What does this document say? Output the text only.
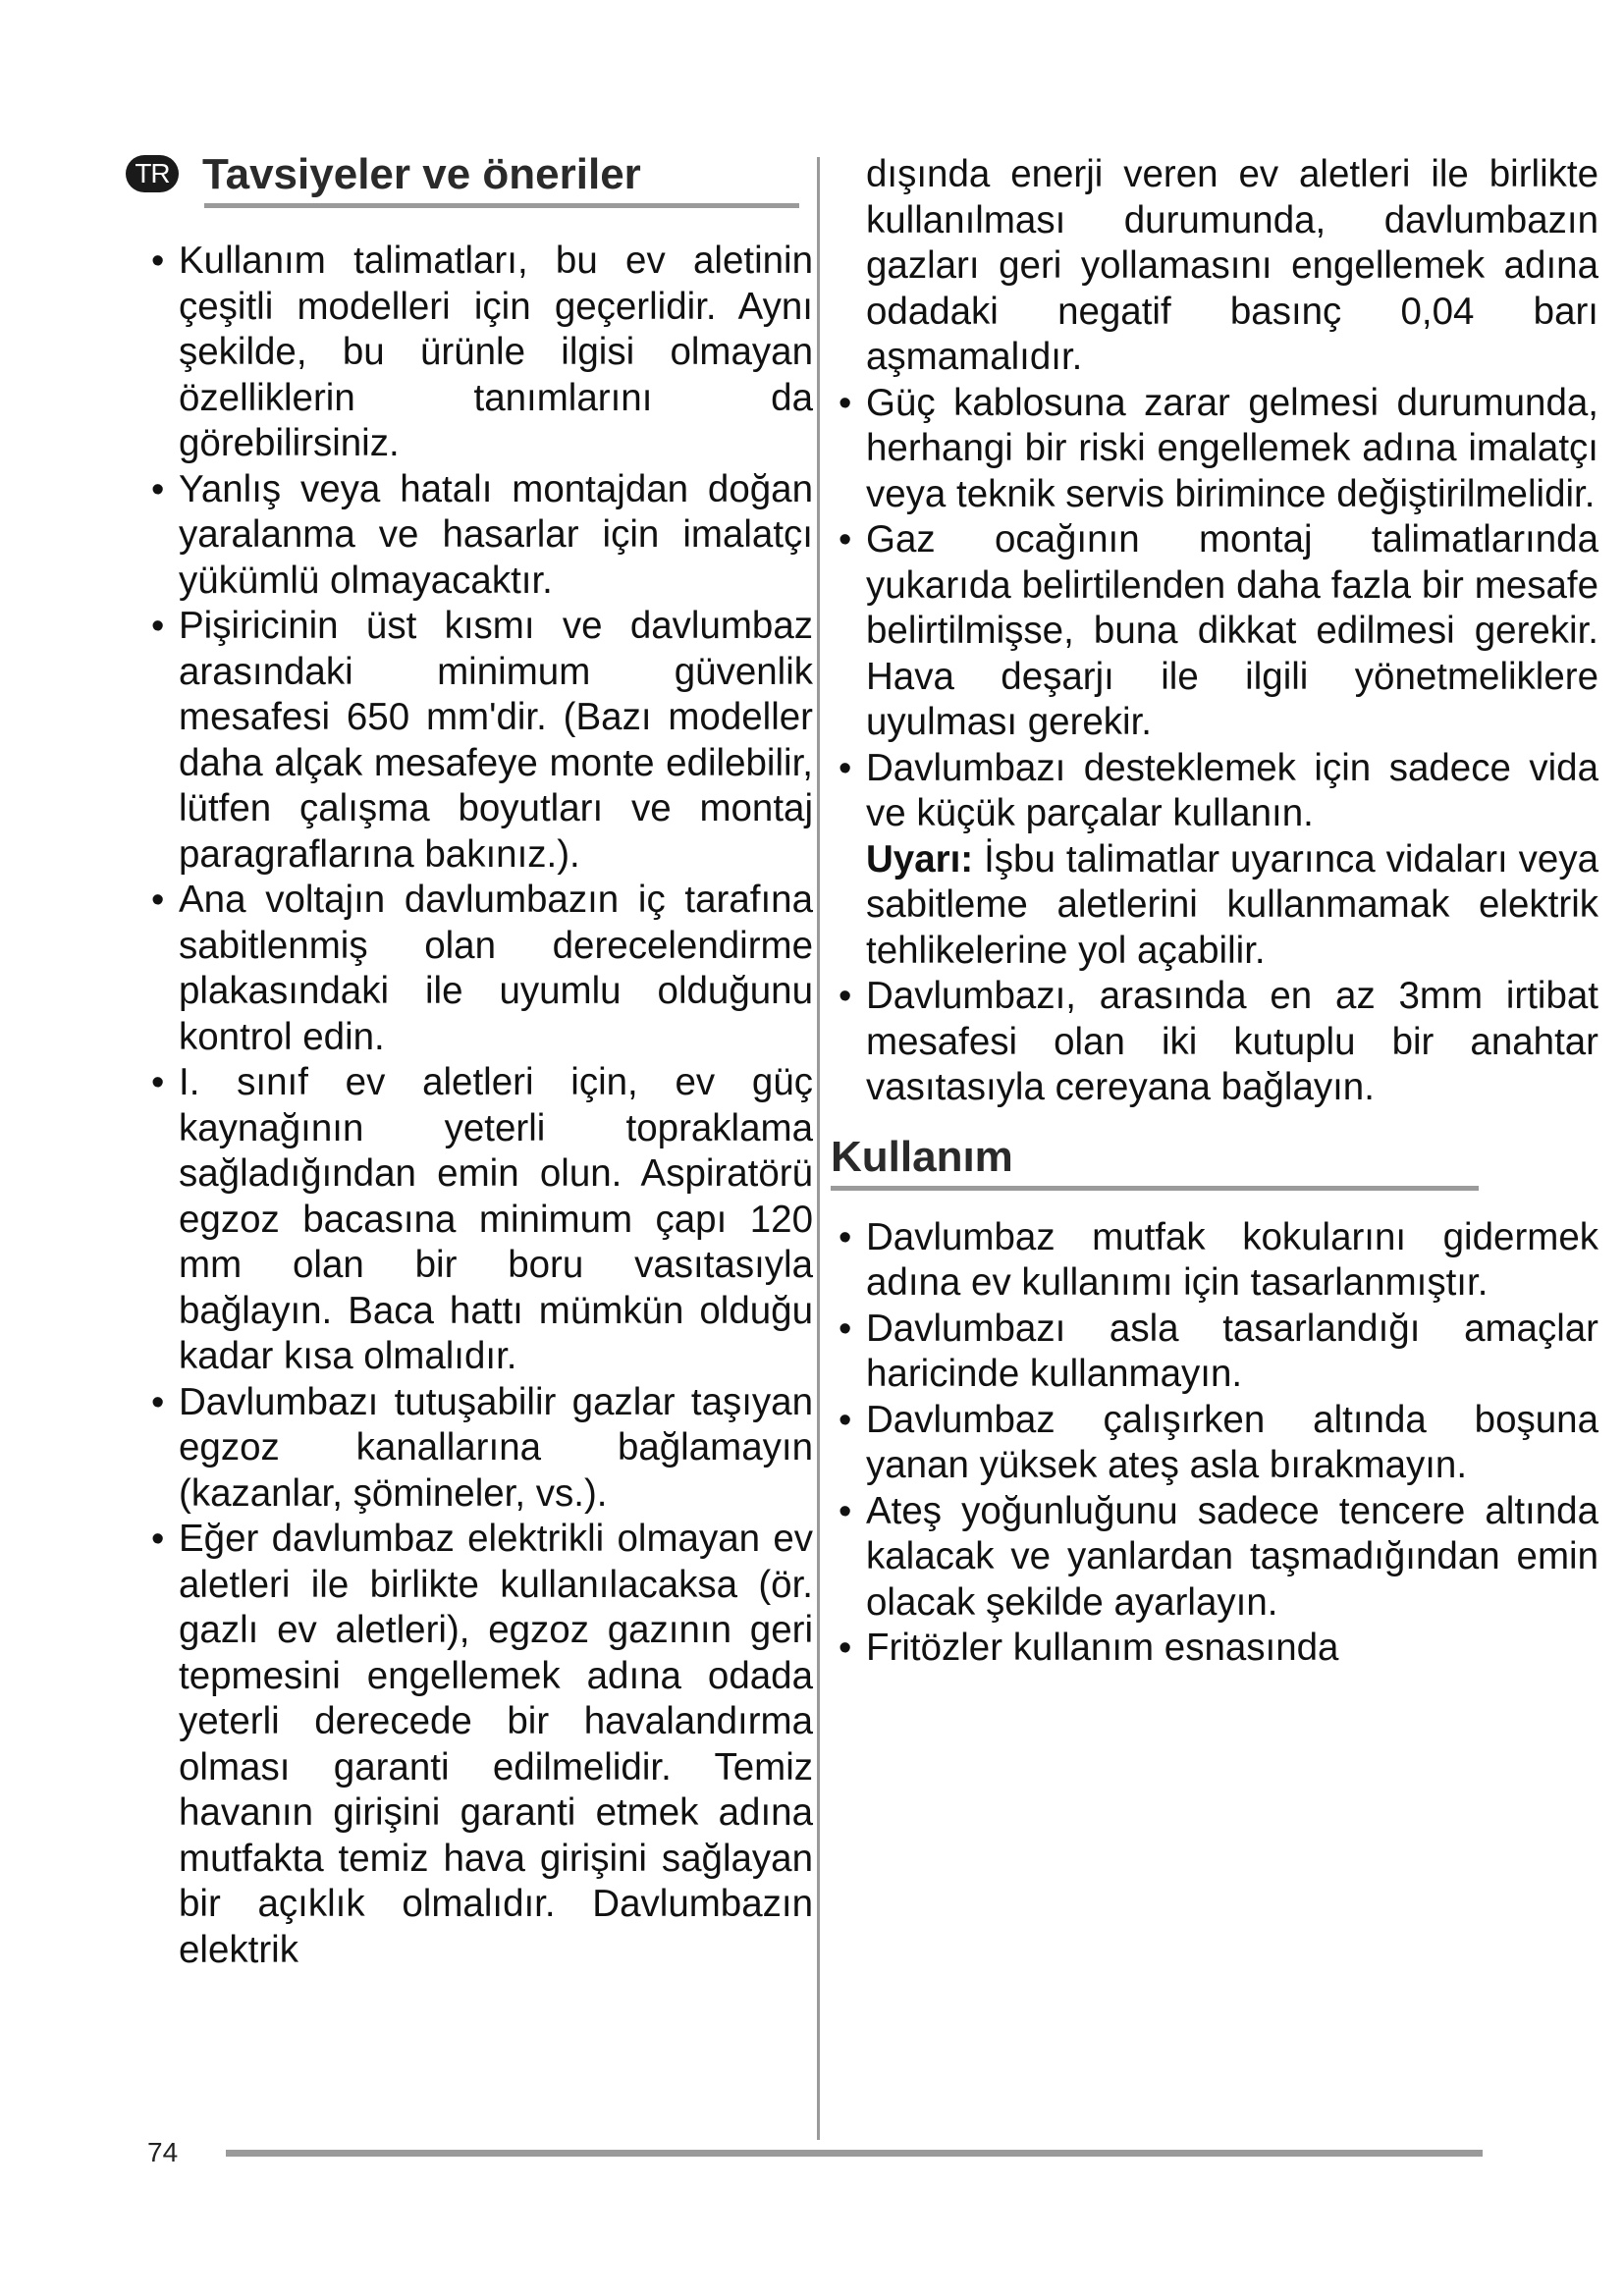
TR Tavsiyeler ve öneriler
• Kullanım talimatları, bu ev aletinin çeşitli modelleri için geçerlidir. Aynı şekilde, bu ürünle ilgisi olmayan özelliklerin tanımlarını da görebilirsiniz.
• Yanlış veya hatalı montajdan doğan yaralanma ve hasarlar için imalatçı yükümlü olmayacaktır.
• Pişiricinin üst kısmı ve davlumbaz arasındaki minimum güvenlik mesafesi 650 mm'dir. (Bazı modeller daha alçak mesafeye monte edilebilir, lütfen çalışma boyutları ve montaj paragraflarına bakınız.).
• Ana voltajın davlumbazın iç tarafına sabitlenmiş olan derecelendirme plakasındaki ile uyumlu olduğunu kontrol edin.
• I. sınıf ev aletleri için, ev güç kaynağının yeterli topraklama sağladığından emin olun. Aspiratörü egzoz bacasına minimum çapı 120 mm olan bir boru vasıtasıyla bağlayın. Baca hattı mümkün olduğu kadar kısa olmalıdır.
• Davlumbazı tutuşabilir gazlar taşıyan egzoz kanallarına bağlamayın (kazanlar, şömineler, vs.).
• Eğer davlumbaz elektrikli olmayan ev aletleri ile birlikte kullanılacaksa (ör. gazlı ev aletleri), egzoz gazının geri tepmesini engellemek adına odada yeterli derecede bir havalandırma olması garanti edilmelidir. Temiz havanın girişini garanti etmek adına mutfakta temiz hava girişini sağlayan bir açıklık olmalıdır. Davlumbazın elektrik
dışında enerji veren ev aletleri ile birlikte kullanılması durumunda, davlumbazın gazları geri yollamasını engellemek adına odadaki negatif basınç 0,04 barı aşmamalıdır.
• Güç kablosuna zarar gelmesi durumunda, herhangi bir riski engellemek adına imalatçı veya teknik servis birimince değiştirilmelidir.
• Gaz ocağının montaj talimatlarında yukarıda belirtilenden daha fazla bir mesafe belirtilmişse, buna dikkat edilmesi gerekir. Hava deşarjı ile ilgili yönetmeliklere uyulması gerekir.
• Davlumbazı desteklemek için sadece vida ve küçük parçalar kullanın.
Uyarı: İşbu talimatlar uyarınca vidaları veya sabitleme aletlerini kullanmamak elektrik tehlikelerine yol açabilir.
• Davlumbazı, arasında en az 3mm irtibat mesafesi olan iki kutuplu bir anahtar vasıtasıyla cereyana bağlayın.
Kullanım
• Davlumbaz mutfak kokularını gidermek adına ev kullanımı için tasarlanmıştır.
• Davlumbazı asla tasarlandığı amaçlar haricinde kullanmayın.
• Davlumbaz çalışırken altında boşuna yanan yüksek ateş asla bırakmayın.
• Ateş yoğunluğunu sadece tencere altında kalacak ve yanlardan taşmadığından emin olacak şekilde ayarlayın.
• Fritözler kullanım esnasında
74
